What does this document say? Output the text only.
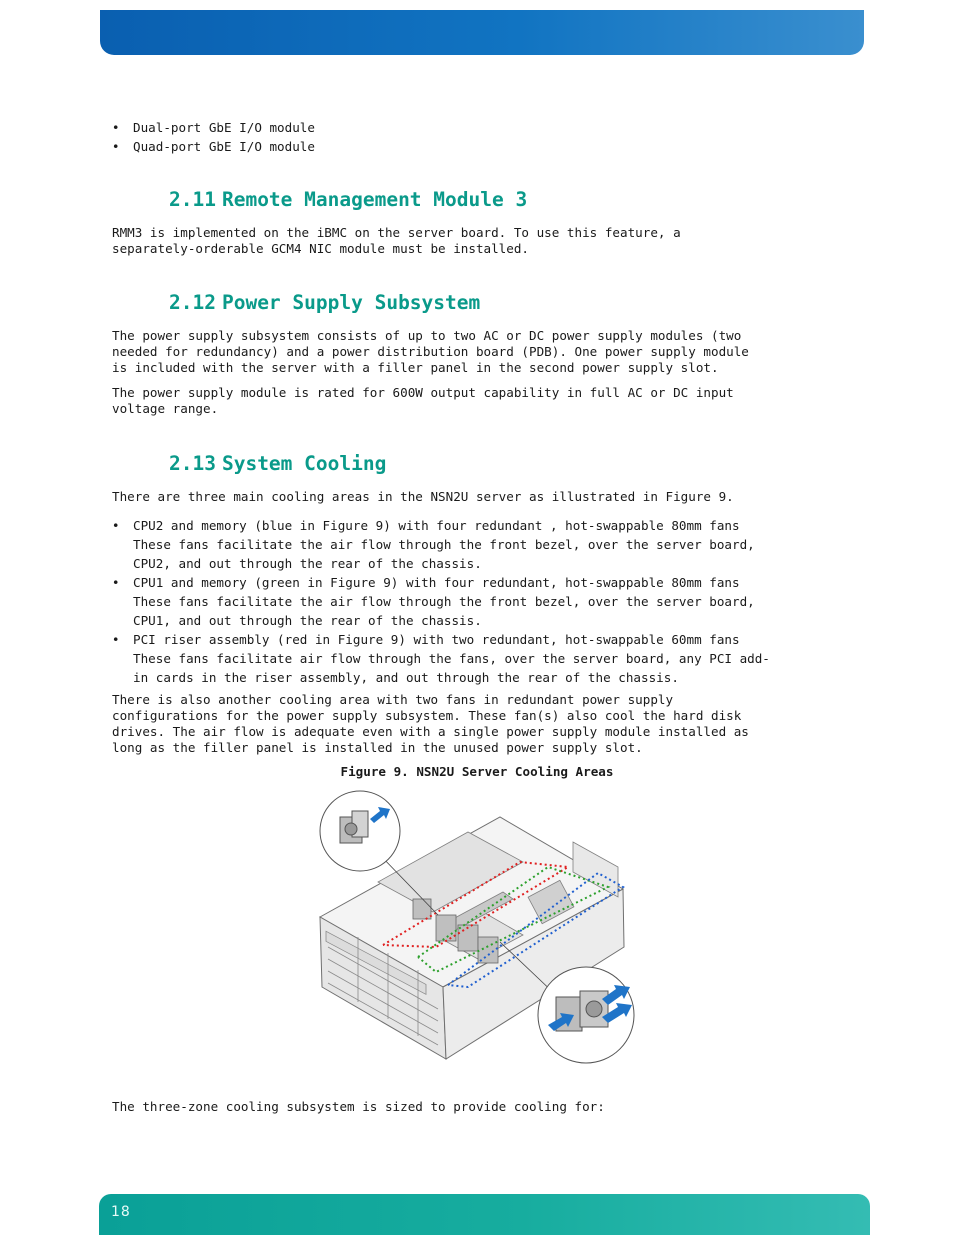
• Dual-port GbE I/O module
• Quad-port GbE I/O module
2.11 Remote Management Module 3

RMM3 is implemented on the iBMC on the server board. To use this feature, a
separately-orderable GCM4 NIC module must be installed.

2.12 Power Supply Subsystem

The power supply subsystem consists of up to two AC or DC power supply modules (two
needed for redundancy) and a power distribution board (PDB). One power supply module
is included with the server with a filler panel in the second power supply slot.

The power supply module is rated for 600W output capability in full AC or DC input
voltage range.

2.13 System Cooling

There are three main cooling areas in the NSN2U server as illustrated in Figure 9.

• CPU2 and memory (blue in Figure 9) with four redundant , hot-swappable 80mm fans
These fans facilitate the air flow through the front bezel, over the server board,
CPU2, and out through the rear of the chassis.
• CPU1 and memory (green in Figure 9) with four redundant, hot-swappable 80mm fans
These fans facilitate the air flow through the front bezel, over the server board,
CPU1, and out through the rear of the chassis.
• PCI riser assembly (red in Figure 9) with two redundant, hot-swappable 60mm fans
These fans facilitate air flow through the fans, over the server board, any PCI add-
in cards in the riser assembly, and out through the rear of the chassis.

There is also another cooling area with two fans in redundant power supply
configurations for the power supply subsystem. These fan(s) also cool the hard disk
drives. The air flow is adequate even with a single power supply module installed as
long as the filler panel is installed in the unused power supply slot.

Figure 9. NSN2U Server Cooling Areas

The three-zone cooling subsystem is sized to provide cooling for:

18
